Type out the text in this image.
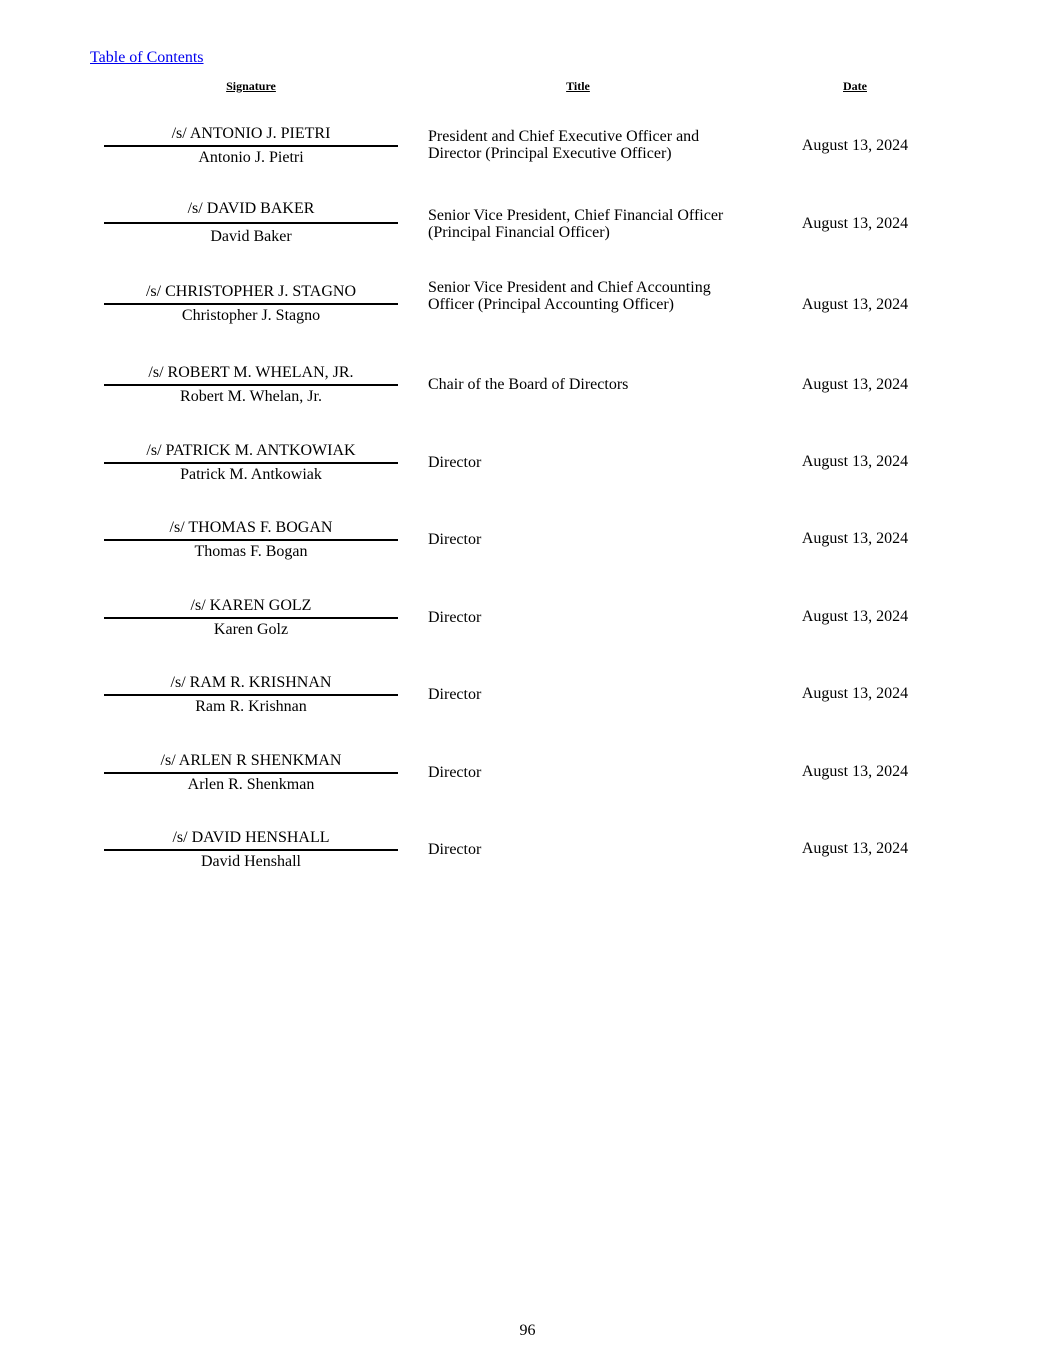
Table of Contents
Signature	Title	Date
/s/ ANTONIO J. PIETRI
Antonio J. Pietri
President and Chief Executive Officer and Director (Principal Executive Officer)	August 13, 2024
/s/ DAVID BAKER
David Baker
Senior Vice President, Chief Financial Officer (Principal Financial Officer)
August 13, 2024
/s/ CHRISTOPHER J. STAGNO
Christopher J. Stagno
Senior Vice President and Chief Accounting Officer (Principal Accounting Officer)	August 13, 2024
/s/ ROBERT M. WHELAN, JR.
Robert M. Whelan, Jr.
Chair of the Board of Directors	August 13, 2024
/s/ PATRICK M. ANTKOWIAK
Patrick M. Antkowiak
Director	August 13, 2024
/s/ THOMAS F. BOGAN
Thomas F. Bogan
Director	August 13, 2024
/s/ KAREN GOLZ
Karen Golz
Director	August 13, 2024
/s/ RAM R. KRISHNAN
Ram R. Krishnan
Director	August 13, 2024
/s/ ARLEN R SHENKMAN
Arlen R. Shenkman
Director	August 13, 2024
/s/ DAVID HENSHALL
David Henshall
Director	August 13, 2024
96
